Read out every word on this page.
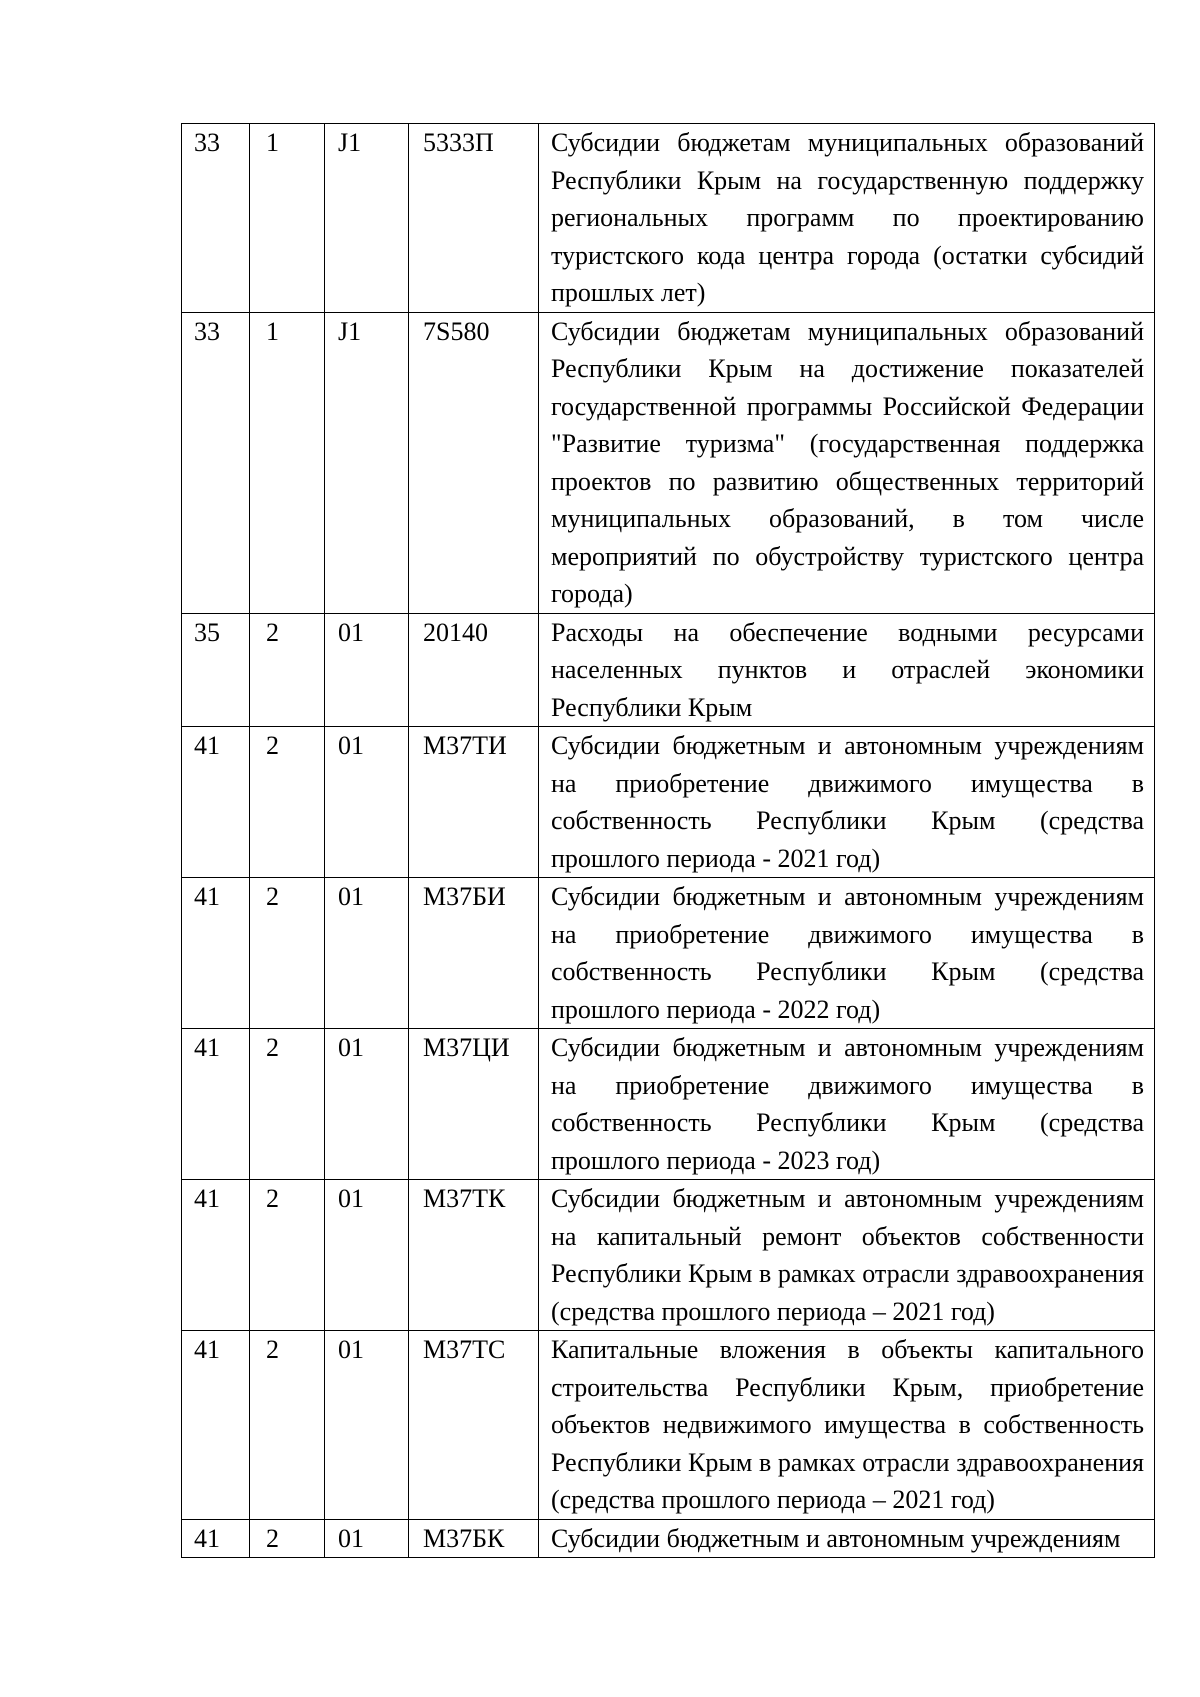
33	1	J1	5333П	Субсидии бюджетам муниципальных образований Республики Крым на государственную поддержку региональных программ по проектированию туристского кода центра города (остатки субсидий прошлых лет)
33	1	J1	7S580	Субсидии бюджетам муниципальных образований Республики Крым на достижение показателей государственной программы Российской Федерации "Развитие туризма" (государственная поддержка проектов по развитию общественных территорий муниципальных образований, в том числе мероприятий по обустройству туристского центра города)
35	2	01	20140	Расходы на обеспечение водными ресурсами населенных пунктов и отраслей экономики Республики Крым
41	2	01	М37ТИ	Субсидии бюджетным и автономным учреждениям на приобретение движимого имущества в собственность Республики Крым (средства прошлого периода - 2021 год)
41	2	01	М37БИ	Субсидии бюджетным и автономным учреждениям на приобретение движимого имущества в собственность Республики Крым (средства прошлого периода - 2022 год)
41	2	01	М37ЦИ	Субсидии бюджетным и автономным учреждениям на приобретение движимого имущества в собственность Республики Крым (средства прошлого периода - 2023 год)
41	2	01	М37ТК	Субсидии бюджетным и автономным учреждениям на капитальный ремонт объектов собственности Республики Крым в рамках отрасли здравоохранения (средства прошлого периода – 2021 год)
41	2	01	М37ТС	Капитальные вложения в объекты капитального строительства Республики Крым, приобретение объектов недвижимого имущества в собственность Республики Крым в рамках отрасли здравоохранения (средства прошлого периода – 2021 год)
41	2	01	М37БК	Субсидии бюджетным и автономным учреждениям
